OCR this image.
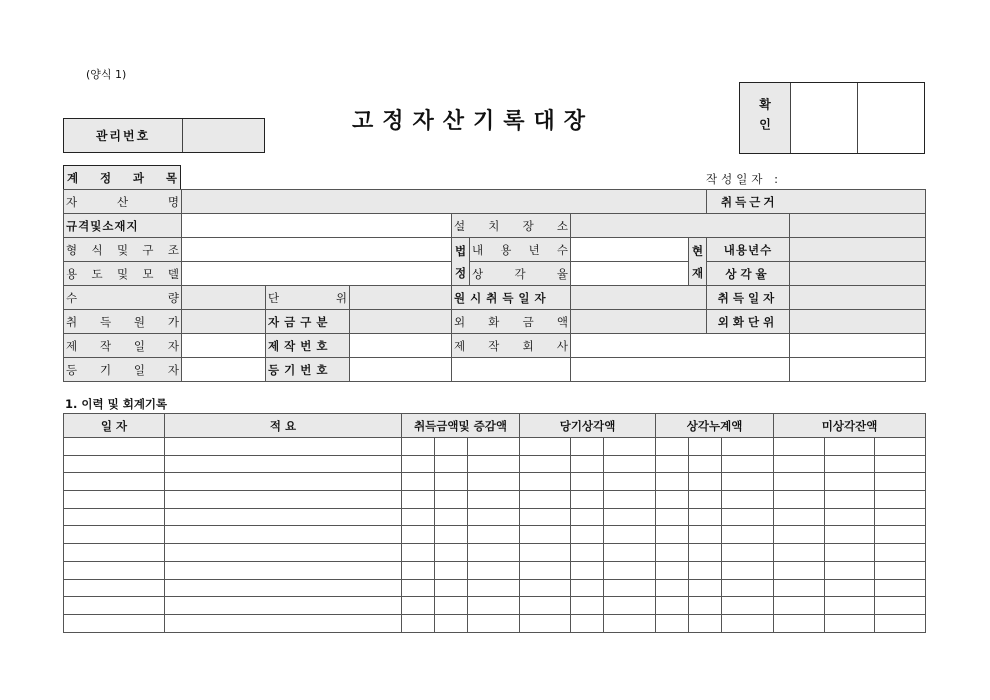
(양식 1)
고정자산기록대장
관리번호	확인
계 정 과 목	작성일자 :
자 산 명								취득근거	
규격및소재지				설 치 장 소					

형 식 및 구 조				법정	내 용 년 수		현재	내용년수	

용 도 및 모 델					상 각 율			상각율	

수 량		단 위		원시취득일자				취득일자	

취 득 원 가		자금구분		외 화 금 액				외화단위	

제 작 일 자		제작번호		제 작 회 사					

등 기 일 자		등기번호							
1. 이력 및 회계기록
일 자	적 요	취득금액및 증감액			당기상각액			상각누계액			미상각잔액		
